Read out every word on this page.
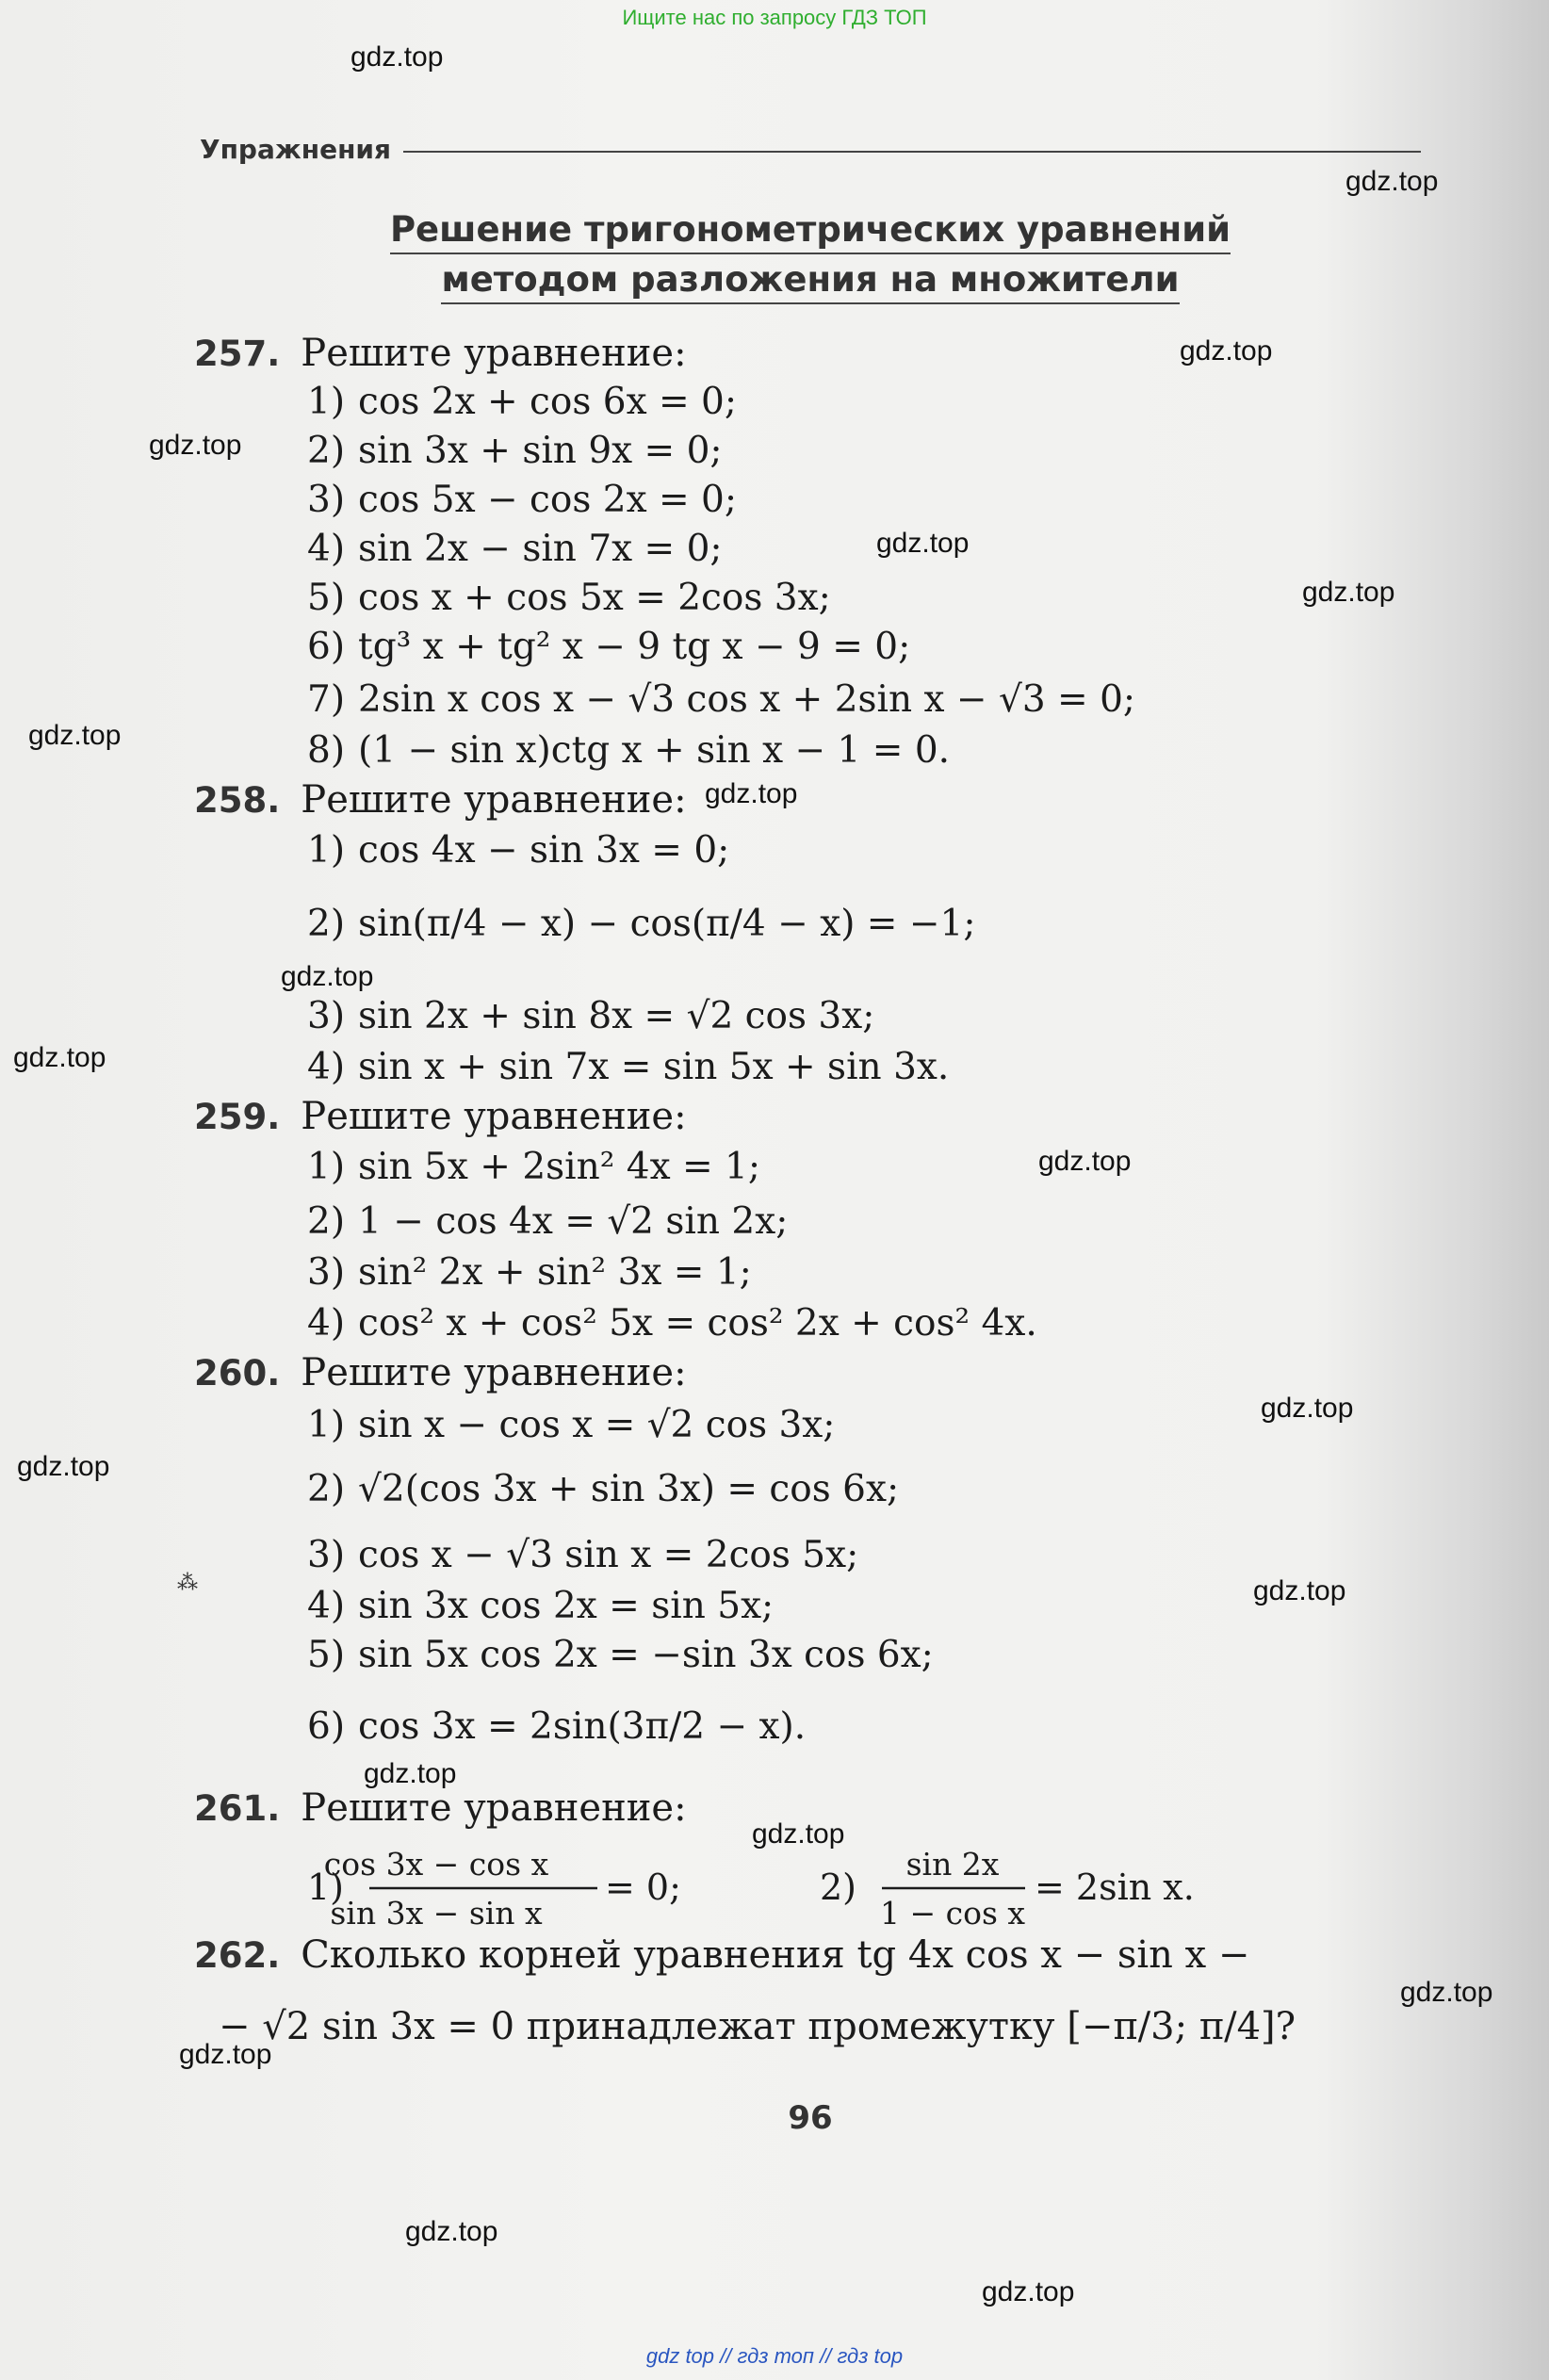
Ищите нас по запросу ГДЗ ТОП
Упражнения
Решение тригонометрических уравнений
методом разложения на множители
257. Решите уравнение:
1) cos 2x + cos 6x = 0;
2) sin 3x + sin 9x = 0;
3) cos 5x − cos 2x = 0;
4) sin 2x − sin 7x = 0;
5) cos x + cos 5x = 2cos 3x;
6) tg³ x + tg² x − 9 tg x − 9 = 0;
7) 2sin x cos x − √3 cos x + 2sin x − √3 = 0;
8) (1 − sin x)ctg x + sin x − 1 = 0.
258. Решите уравнение:
1) cos 4x − sin 3x = 0;
2) sin(π/4 − x) − cos(π/4 − x) = −1;
3) sin 2x + sin 8x = √2 cos 3x;
4) sin x + sin 7x = sin 5x + sin 3x.
259. Решите уравнение:
1) sin 5x + 2sin² 4x = 1;
2) 1 − cos 4x = √2 sin 2x;
3) sin² 2x + sin² 3x = 1;
4) cos² x + cos² 5x = cos² 2x + cos² 4x.
260. Решите уравнение:
1) sin x − cos x = √2 cos 3x;
2) √2(cos 3x + sin 3x) = cos 6x;
3) cos x − √3 sin x = 2cos 5x;
4) sin 3x cos 2x = sin 5x;
5) sin 5x cos 2x = −sin 3x cos 6x;
6) cos 3x = 2sin(3π/2 − x).
261. Решите уравнение:
1)
cos 3x − cos x
sin 3x − sin x
= 0;	2)
sin 2x
1 − cos x
= 2sin x.
262. Сколько корней уравнения tg 4x cos x − sin x −
− √2 sin 3x = 0 принадлежат промежутку [−π/3; π/4]?
96
⁂
gdz.top
gdz.top
gdz.top
gdz.top
gdz.top
gdz.top
gdz.top
gdz.top
gdz.top
gdz.top
gdz.top
gdz.top
gdz.top
gdz.top
gdz.top
gdz.top
gdz.top
gdz.top
gdz.top
gdz.top
gdz top // гдз топ // гдз top
